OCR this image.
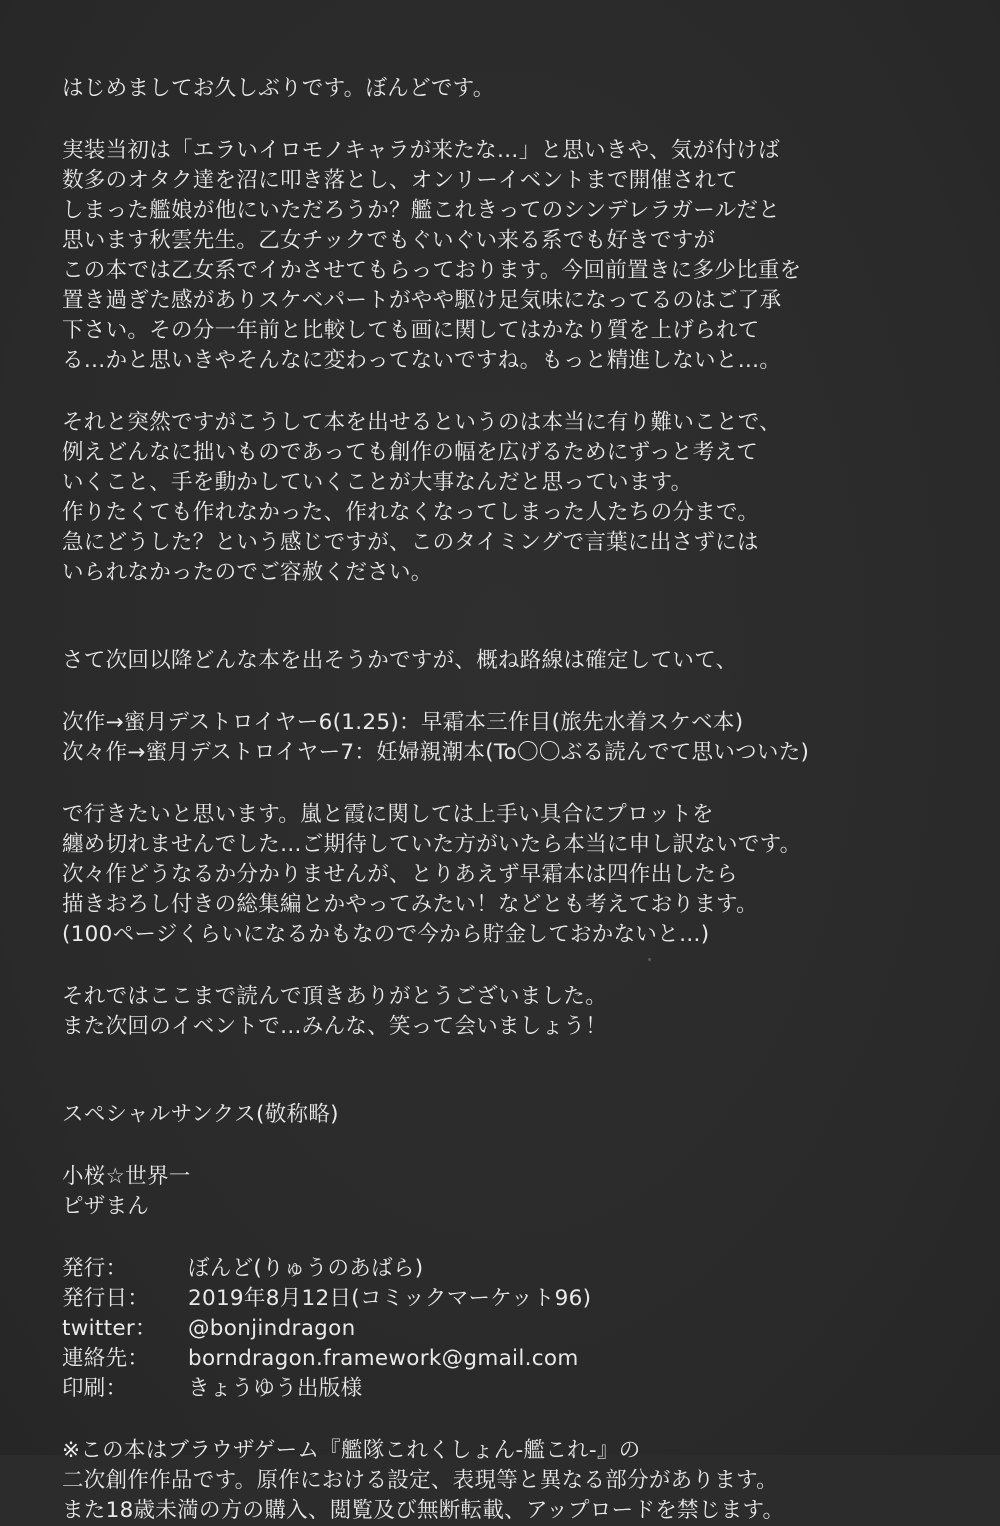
はじめましてお久しぶりです。ぼんどです。
実装当初は「エラいイロモノキャラが来たな…」と思いきや、気が付けば
数多のオタク達を沼に叩き落とし、オンリーイベントまで開催されて
しまった艦娘が他にいただろうか？艦これきってのシンデレラガールだと
思います秋雲先生。乙女チックでもぐいぐい来る系でも好きですが
この本では乙女系でイかさせてもらっております。今回前置きに多少比重を
置き過ぎた感がありスケベパートがやや駆け足気味になってるのはご了承
下さい。その分一年前と比較しても画に関してはかなり質を上げられて
る…かと思いきやそんなに変わってないですね。もっと精進しないと…。
それと突然ですがこうして本を出せるというのは本当に有り難いことで、
例えどんなに拙いものであっても創作の幅を広げるためにずっと考えて
いくこと、手を動かしていくことが大事なんだと思っています。
作りたくても作れなかった、作れなくなってしまった人たちの分まで。
急にどうした？という感じですが、このタイミングで言葉に出さずには
いられなかったのでご容赦ください。
さて次回以降どんな本を出そうかですが、概ね路線は確定していて、
次作→蜜月デストロイヤー6(1.25)：早霜本三作目(旅先水着スケベ本)
次々作→蜜月デストロイヤー7：妊婦親潮本(To〇〇ぶる読んでて思いついた)
で行きたいと思います。嵐と霞に関しては上手い具合にプロットを
纏め切れませんでした…ご期待していた方がいたら本当に申し訳ないです。
次々作どうなるか分かりませんが、とりあえず早霜本は四作出したら
描きおろし付きの総集編とかやってみたい！などとも考えております。
(100ページくらいになるかもなので今から貯金しておかないと…)
それではここまで読んで頂きありがとうございました。
また次回のイベントで…みんな、笑って会いましょう！
スペシャルサンクス(敬称略)
小桜☆世界一
ピザまん
発行：	ぼんど(りゅうのあばら)
発行日：	2019年8月12日(コミックマーケット96)
twitter：	@bonjindragon
連絡先：	borndragon.framework@gmail.com
印刷：	きょうゆう出版様
※この本はブラウザゲーム『艦隊これくしょん-艦これ-』の
二次創作作品です。原作における設定、表現等と異なる部分があります。
また18歳未満の方の購入、閲覧及び無断転載、アップロードを禁じます。
